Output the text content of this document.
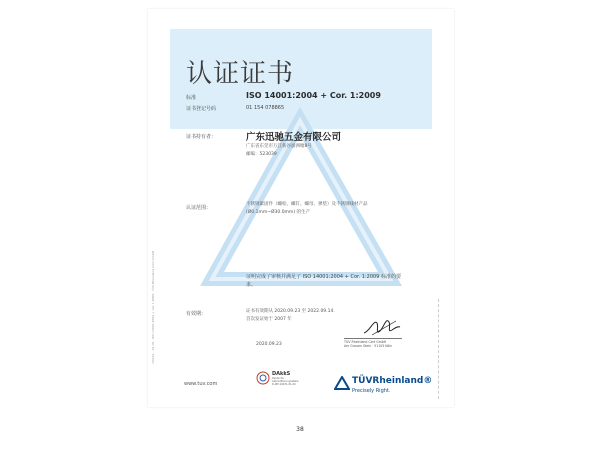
认证证书
标准	ISO 14001:2004 + Cor. 1:2009
证书登记号码	01 154 078865
证书持有者：	广东迅驰五金有限公司
广东省东莞市万江新谷涌洲塘8号
邮编：523039
认证范围：
不锈钢紧固件（螺栓、螺钉、螺母、弹垫）及不锈钢线材产品
(Ø0.1mm~Ø30.0mm) 的生产
证明完成了审核并满足了 ISO 14001:2004 + Cor. 1:2009 标准的要求。
有效期：	证书有效期从 2020.09.23 至 2022.09.14.
首次发证始于 2007 年
TÜV Rheinland Cert GmbH
Am Grauen Stein · 51105 Köln
2020.09.23
10/221 · 10.18 · ISO 14001:2004 + Cor 1:2009 · TÜV Rheinland Cert GmbH
www.tuv.com
DAkkS
Deutsche
Akkreditierungsstelle
D-ZM-16031-01-00	TÜVRheinland®
Precisely Right.
38
